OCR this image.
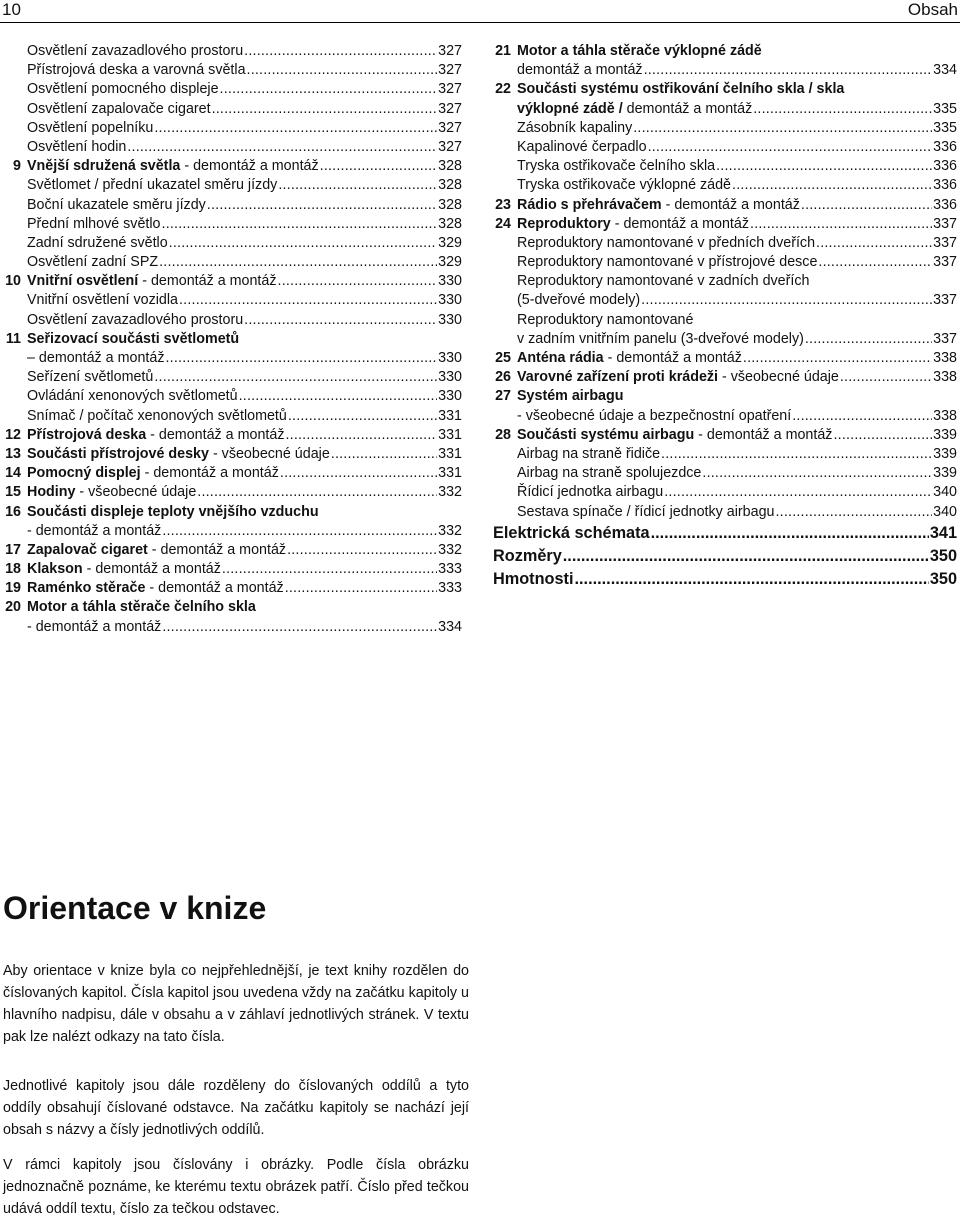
10	Obsah
Osvětlení zavazadlového prostoru .....	327
Přístrojová deska a varovná světla .....	327
Osvětlení pomocného displeje .....	327
Osvětlení zapalovače cigaret .....	327
Osvětlení popelníku .....	327
Osvětlení hodin .....	327
9 Vnější sdružená světla - demontáž a montáž .....	328
Světlomet / přední ukazatel směru jízdy .....	328
Boční ukazatele směru jízdy .....	328
Přední mlhové světlo .....	328
Zadní sdružené světlo .....	329
Osvětlení zadní SPZ .....	329
10 Vnitřní osvětlení - demontáž a montáž .....	330
Vnitřní osvětlení vozidla .....	330
Osvětlení zavazadlového prostoru .....	330
11 Seřizovací součásti světlometů
– demontáž a montáž .....	330
Seřízení světlometů .....	330
Ovládání xenonových světlometů .....	330
Snímač / počítač xenonových světlometů .....	331
12 Přístrojová deska - demontáž a montáž .....	331
13 Součásti přístrojové desky - všeobecné údaje .....	331
14 Pomocný displej - demontáž a montáž .....	331
15 Hodiny - všeobecné údaje .....	332
16 Součásti displeje teploty vnějšího vzduchu
- demontáž a montáž .....	332
17 Zapalovač cigaret - demontáž a montáž .....	332
18 Klakson - demontáž a montáž .....	333
19 Raménko stěrače - demontáž a montáž .....	333
20 Motor a táhla stěrače čelního skla
- demontáž a montáž .....	334
21 Motor a táhla stěrače výklopné zádě
demontáž a montáž .....	334
22 Součásti systému ostřikování čelního skla / skla
výklopné zádě / demontáž a montáž .....	335
Zásobník kapaliny .....	335
Kapalinové čerpadlo .....	336
Tryska ostřikovače čelního skla .....	336
Tryska ostřikovače výklopné zádě .....	336
23 Rádio s přehrávačem - demontáž a montáž .....	336
24 Reproduktory - demontáž a montáž .....	337
Reproduktory namontované v předních dveřích .....	337
Reproduktory namontované v přístrojové desce .....	337
Reproduktory namontované v zadních dveřích
(5-dveřové modely) .....	337
Reproduktory namontované
v zadním vnitřním panelu (3-dveřové modely) .....	337
25 Anténa rádia - demontáž a montáž .....	338
26 Varovné zařízení proti krádeži - všeobecné údaje .....	338
27 Systém airbagu
- všeobecné údaje a bezpečnostní opatření .....	338
28 Součásti systému airbagu - demontáž a montáž .....	339
Airbag na straně řidiče .....	339
Airbag na straně spolujezdce .....	339
Řídicí jednotka airbagu .....	340
Sestava spínače / řídicí jednotky airbagu .....	340
Elektrická schémata .....	341
Rozměry .....	350
Hmotnosti .....	350
Orientace v knize

Aby orientace v knize byla co nejpřehlednější, je text knihy rozdělen do číslovaných kapitol. Čísla kapitol jsou uvedena vždy na začátku kapitoly u hlavního nadpisu, dále v obsahu a v záhlaví jednotlivých stránek. V textu pak lze nalézt odkazy na tato čísla.

Jednotlivé kapitoly jsou dále rozděleny do číslovaných oddílů a tyto oddíly obsahují číslované odstavce. Na začátku kapitoly se nachází její obsah s názvy a čísly jednotlivých oddílů.

V rámci kapitoly jsou číslovány i obrázky. Podle čísla obrázku jednoznačně poznáme, ke kterému textu obrázek patří. Číslo před tečkou udává oddíl textu, číslo za tečkou odstavec.
